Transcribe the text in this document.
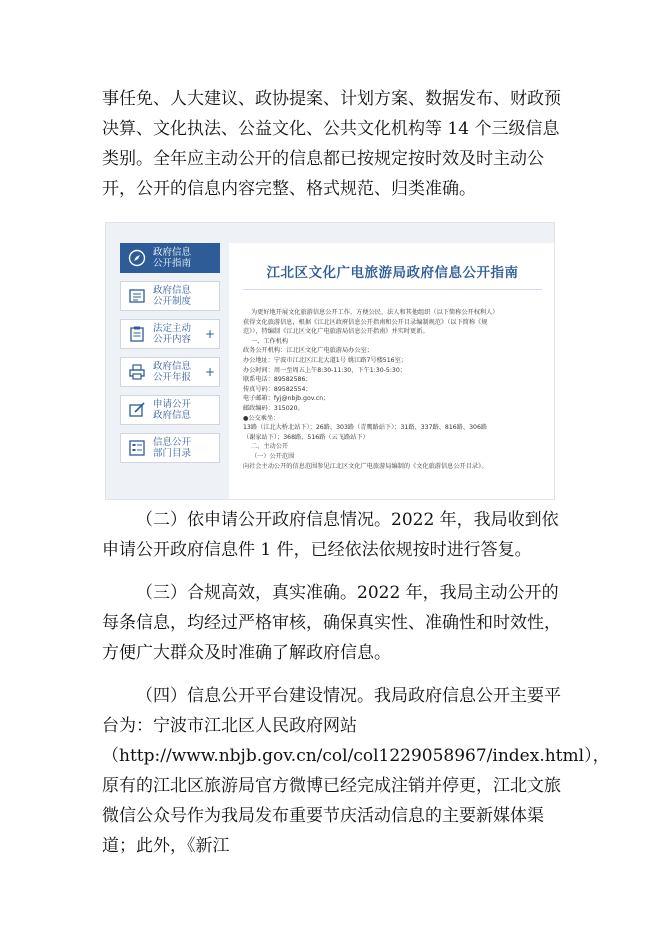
事任免、人大建议、政协提案、计划方案、数据发布、财政预决算、文化执法、公益文化、公共文化机构等 14 个三级信息类别。全年应主动公开的信息都已按规定按时效及时主动公开，公开的信息内容完整、格式规范、归类准确。

政府信息
公开指南
政府信息
公开制度
法定主动
公开内容	+
政府信息
公开年报	+
申请公开
政府信息
信息公开
部门目录
江北区文化广电旅游局政府信息公开指南
为更好地开展文化旅游信息公开工作，方便公民、法人和其他组织（以下简称公开权利人）
获得文化旅游信息，根据《江北区政府信息公开指南和公开目录编制规范》（以下简称《规
范》），特编制《江北区文化广电旅游局信息公开指南》并实时更新。
一、工作机构
政务公开机构：江北区文化广电旅游局办公室；
办公地址：宁波市江北区江北大道1号 姚江路7号楼516室；
办公时间：周一至周五上午8:30-11:30，下午1:30-5:30；
联系电话：89582586；
传真号码：89582554；
电子邮箱：fyj@nbjb.gov.cn；
邮政编码：315020。
●公交乘坐：
13路（江北大桥北站下）；26路、303路（青鹰路站下）；31路、337路、816路、306路
（谢家站下）；368路、516路（云飞路站下）
二、主动公开
（一）公开范围
向社会主动公开的信息范围参见江北区文化广电旅游局编制的《文化旅游信息公开目录》。

（二）依申请公开政府信息情况。2022 年，我局收到依申请公开政府信息件 1 件，已经依法依规按时进行答复。

（三）合规高效，真实准确。2022 年，我局主动公开的每条信息，均经过严格审核，确保真实性、准确性和时效性，方便广大群众及时准确了解政府信息。

（四）信息公开平台建设情况。我局政府信息公开主要平台为：宁波市江北区人民政府网站（http://www.nbjb.gov.cn/col/col1229058967/index.html），原有的江北区旅游局官方微博已经完成注销并停更，江北文旅微信公众号作为我局发布重要节庆活动信息的主要新媒体渠道；此外，《新江
